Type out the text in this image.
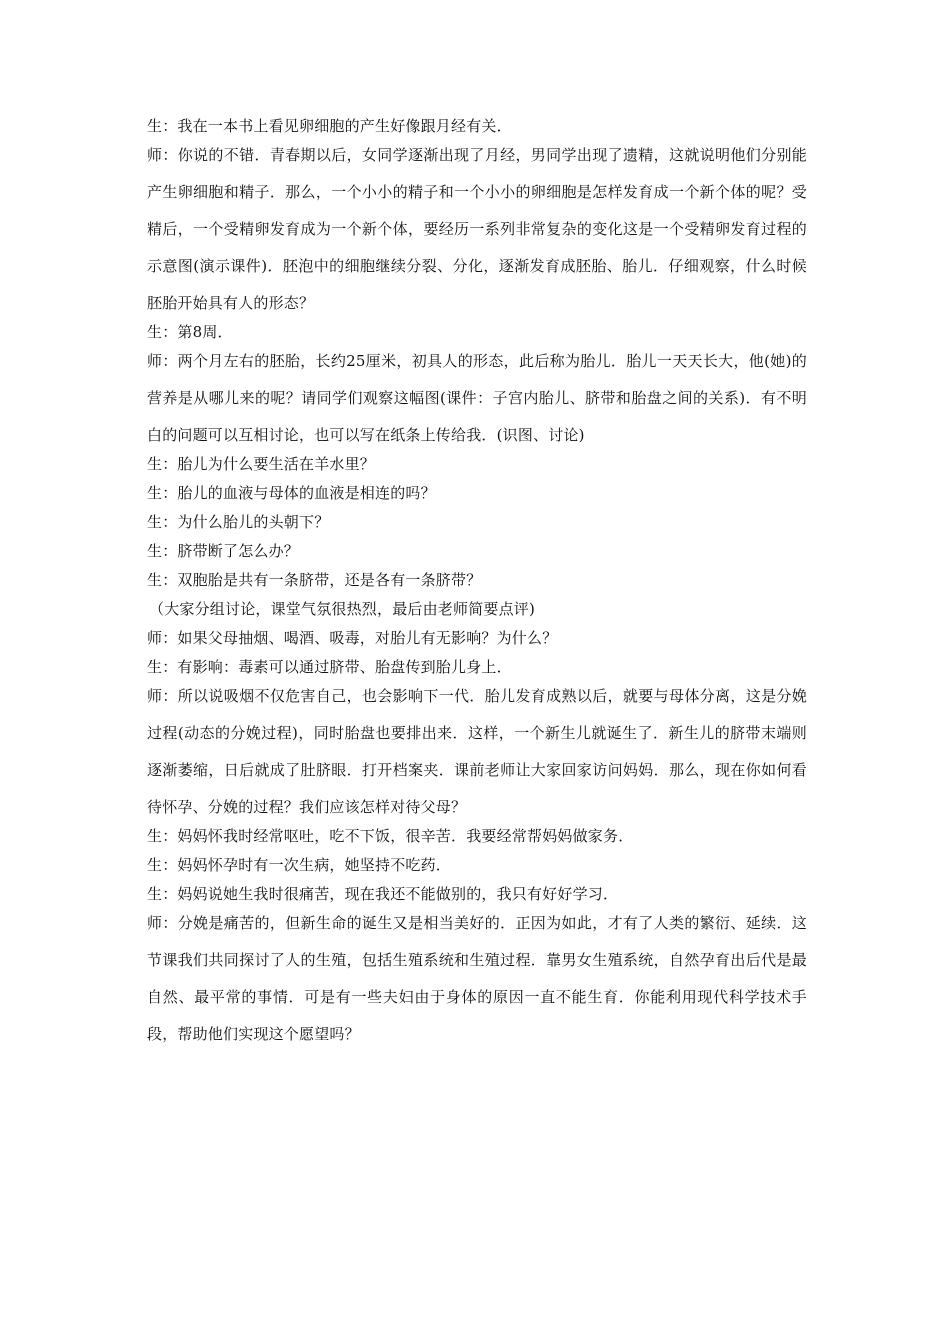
生：我在一本书上看见卵细胞的产生好像跟月经有关．

师：你说的不错．青春期以后，女同学逐渐出现了月经，男同学出现了遗精，这就说明他们分别能产生卵细胞和精子．那么，一个小小的精子和一个小小的卵细胞是怎样发育成一个新个体的呢？受精后，一个受精卵发育成为一个新个体，要经历一系列非常复杂的变化这是一个受精卵发育过程的示意图(演示课件)．胚泡中的细胞继续分裂、分化，逐渐发育成胚胎、胎儿．仔细观察，什么时候胚胎开始具有人的形态？

生：第8周．

师：两个月左右的胚胎，长约25厘米，初具人的形态，此后称为胎儿．胎儿一天天长大，他(她)的营养是从哪儿来的呢？请同学们观察这幅图(课件：子宫内胎儿、脐带和胎盘之间的关系)．有不明白的问题可以互相讨论，也可以写在纸条上传给我．(识图、讨论)

生：胎儿为什么要生活在羊水里？

生：胎儿的血液与母体的血液是相连的吗？

生：为什么胎儿的头朝下？

生：脐带断了怎么办？

生：双胞胎是共有一条脐带，还是各有一条脐带？

（大家分组讨论，课堂气氛很热烈，最后由老师简要点评)

师：如果父母抽烟、喝酒、吸毒，对胎儿有无影响？为什么？

生：有影响：毒素可以通过脐带、胎盘传到胎儿身上．

师：所以说吸烟不仅危害自己，也会影响下一代．胎儿发育成熟以后，就要与母体分离，这是分娩过程(动态的分娩过程)，同时胎盘也要排出来．这样，一个新生儿就诞生了．新生儿的脐带末端则逐渐萎缩，日后就成了肚脐眼．打开档案夹．课前老师让大家回家访问妈妈．那么，现在你如何看待怀孕、分娩的过程？我们应该怎样对待父母？

生：妈妈怀我时经常呕吐，吃不下饭，很辛苦．我要经常帮妈妈做家务．

生：妈妈怀孕时有一次生病，她坚持不吃药．

生：妈妈说她生我时很痛苦，现在我还不能做别的，我只有好好学习．

师：分娩是痛苦的，但新生命的诞生又是相当美好的．正因为如此，才有了人类的繁衍、延续．这节课我们共同探讨了人的生殖，包括生殖系统和生殖过程．靠男女生殖系统，自然孕育出后代是最自然、最平常的事情．可是有一些夫妇由于身体的原因一直不能生育．你能利用现代科学技术手段，帮助他们实现这个愿望吗？
